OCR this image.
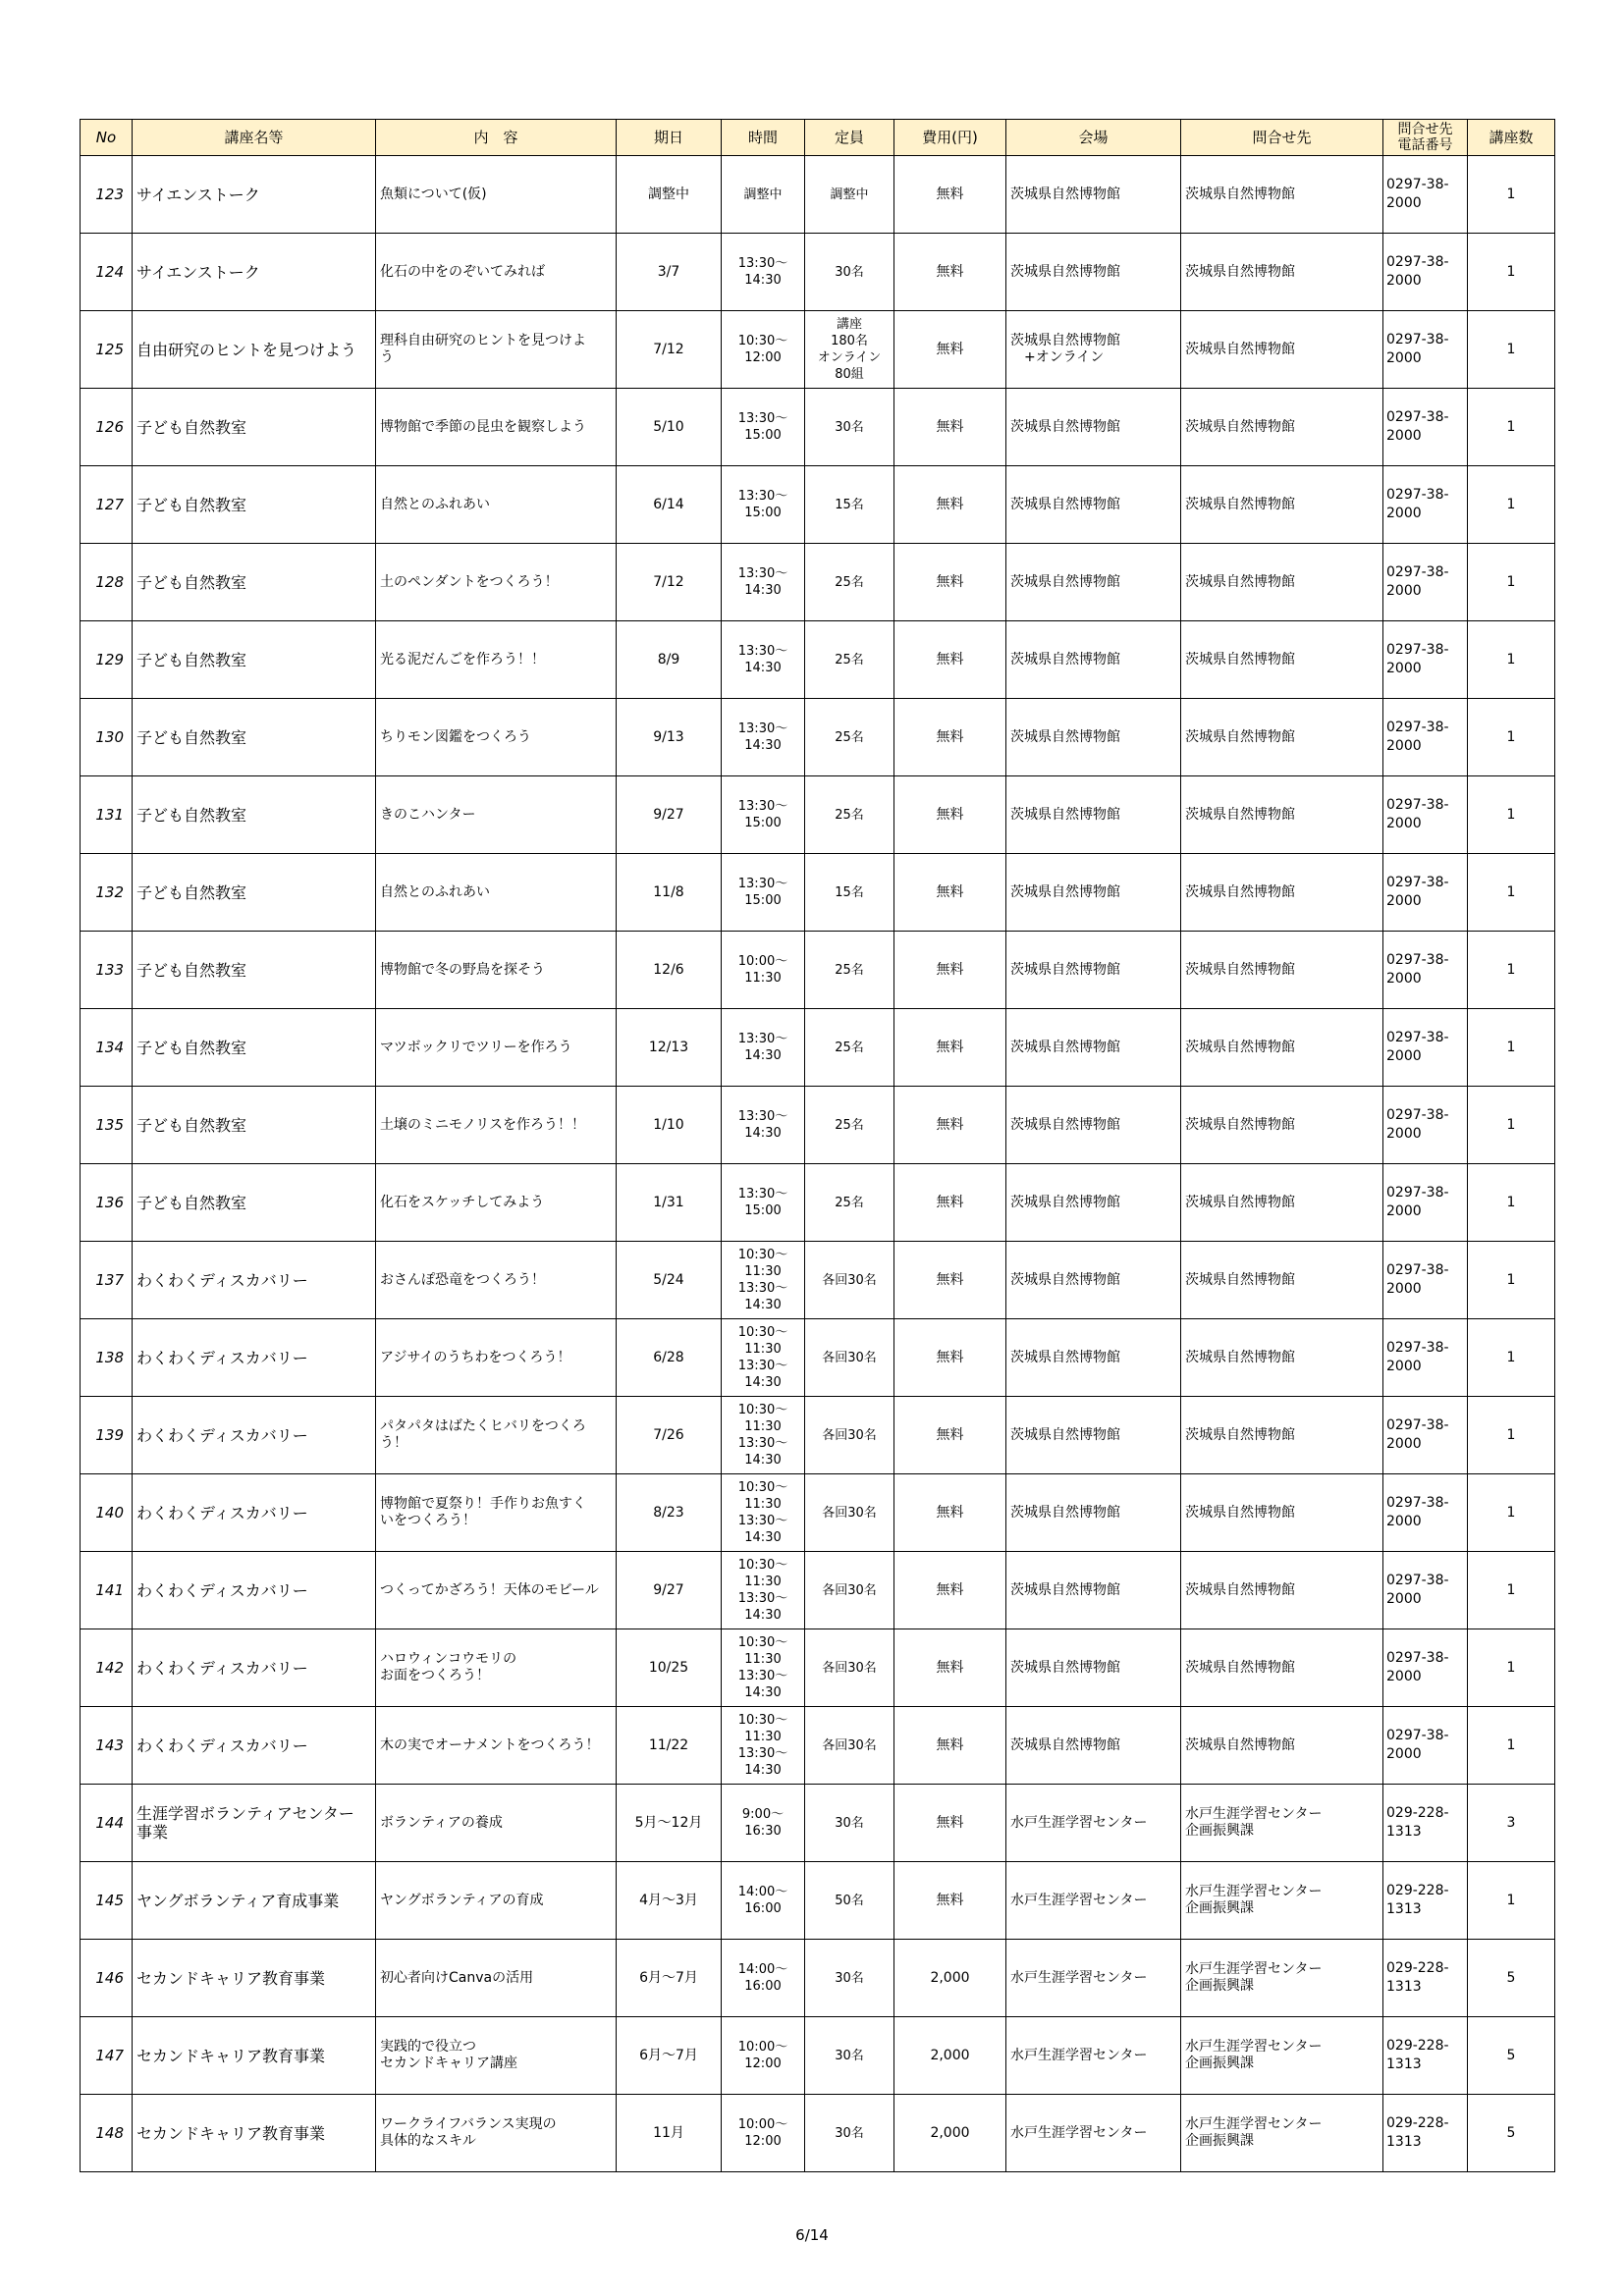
No	講座名等	内　容	期日	時間	定員	費用(円)	会場	問合せ先	問合せ先
電話番号	講座数
123	サイエンストーク	魚類について(仮)	調整中	調整中	調整中	無料	茨城県自然博物館	茨城県自然博物館	0297-38-
2000	1
124	サイエンストーク	化石の中をのぞいてみれば	3/7	13:30～
14:30	30名	無料	茨城県自然博物館	茨城県自然博物館	0297-38-
2000	1
125	自由研究のヒントを見つけよう	理科自由研究のヒントを見つけよ
う	7/12	10:30～
12:00	講座
180名
オンライン
80組	無料	茨城県自然博物館
　+オンライン	茨城県自然博物館	0297-38-
2000	1
126	子ども自然教室	博物館で季節の昆虫を観察しよう	5/10	13:30～
15:00	30名	無料	茨城県自然博物館	茨城県自然博物館	0297-38-
2000	1
127	子ども自然教室	自然とのふれあい	6/14	13:30～
15:00	15名	無料	茨城県自然博物館	茨城県自然博物館	0297-38-
2000	1
128	子ども自然教室	土のペンダントをつくろう！	7/12	13:30～
14:30	25名	無料	茨城県自然博物館	茨城県自然博物館	0297-38-
2000	1
129	子ども自然教室	光る泥だんごを作ろう！！	8/9	13:30～
14:30	25名	無料	茨城県自然博物館	茨城県自然博物館	0297-38-
2000	1
130	子ども自然教室	ちりモン図鑑をつくろう	9/13	13:30～
14:30	25名	無料	茨城県自然博物館	茨城県自然博物館	0297-38-
2000	1
131	子ども自然教室	きのこハンター	9/27	13:30～
15:00	25名	無料	茨城県自然博物館	茨城県自然博物館	0297-38-
2000	1
132	子ども自然教室	自然とのふれあい	11/8	13:30～
15:00	15名	無料	茨城県自然博物館	茨城県自然博物館	0297-38-
2000	1
133	子ども自然教室	博物館で冬の野鳥を探そう	12/6	10:00～
11:30	25名	無料	茨城県自然博物館	茨城県自然博物館	0297-38-
2000	1
134	子ども自然教室	マツボックリでツリーを作ろう	12/13	13:30～
14:30	25名	無料	茨城県自然博物館	茨城県自然博物館	0297-38-
2000	1
135	子ども自然教室	土壌のミニモノリスを作ろう！！	1/10	13:30～
14:30	25名	無料	茨城県自然博物館	茨城県自然博物館	0297-38-
2000	1
136	子ども自然教室	化石をスケッチしてみよう	1/31	13:30～
15:00	25名	無料	茨城県自然博物館	茨城県自然博物館	0297-38-
2000	1
137	わくわくディスカバリー	おさんぽ恐竜をつくろう！	5/24	10:30～
11:30
13:30～
14:30	各回30名	無料	茨城県自然博物館	茨城県自然博物館	0297-38-
2000	1
138	わくわくディスカバリー	アジサイのうちわをつくろう！	6/28	10:30～
11:30
13:30～
14:30	各回30名	無料	茨城県自然博物館	茨城県自然博物館	0297-38-
2000	1
139	わくわくディスカバリー	パタパタはばたくヒバリをつくろう！	7/26	10:30～
11:30
13:30～
14:30	各回30名	無料	茨城県自然博物館	茨城県自然博物館	0297-38-
2000	1
140	わくわくディスカバリー	博物館で夏祭り！手作りお魚すく
いをつくろう！	8/23	10:30～
11:30
13:30～
14:30	各回30名	無料	茨城県自然博物館	茨城県自然博物館	0297-38-
2000	1
141	わくわくディスカバリー	つくってかざろう！天体のモビール	9/27	10:30～
11:30
13:30～
14:30	各回30名	無料	茨城県自然博物館	茨城県自然博物館	0297-38-
2000	1
142	わくわくディスカバリー	ハロウィンコウモリの
お面をつくろう！	10/25	10:30～
11:30
13:30～
14:30	各回30名	無料	茨城県自然博物館	茨城県自然博物館	0297-38-
2000	1
143	わくわくディスカバリー	木の実でオーナメントをつくろう！	11/22	10:30～
11:30
13:30～
14:30	各回30名	無料	茨城県自然博物館	茨城県自然博物館	0297-38-
2000	1
144	生涯学習ボランティアセンター
事業	ボランティアの養成	5月～12月	9:00～
16:30	30名	無料	水戸生涯学習センター	水戸生涯学習センター
企画振興課	029-228-
1313	3
145	ヤングボランティア育成事業	ヤングボランティアの育成	4月～3月	14:00～
16:00	50名	無料	水戸生涯学習センター	水戸生涯学習センター
企画振興課	029-228-
1313	1
146	セカンドキャリア教育事業	初心者向けCanvaの活用	6月～7月	14:00～
16:00	30名	2,000	水戸生涯学習センター	水戸生涯学習センター
企画振興課	029-228-
1313	5
147	セカンドキャリア教育事業	実践的で役立つ
セカンドキャリア講座	6月～7月	10:00～
12:00	30名	2,000	水戸生涯学習センター	水戸生涯学習センター
企画振興課	029-228-
1313	5
148	セカンドキャリア教育事業	ワークライフバランス実現の
具体的なスキル	11月	10:00～
12:00	30名	2,000	水戸生涯学習センター	水戸生涯学習センター
企画振興課	029-228-
1313	5
6/14
